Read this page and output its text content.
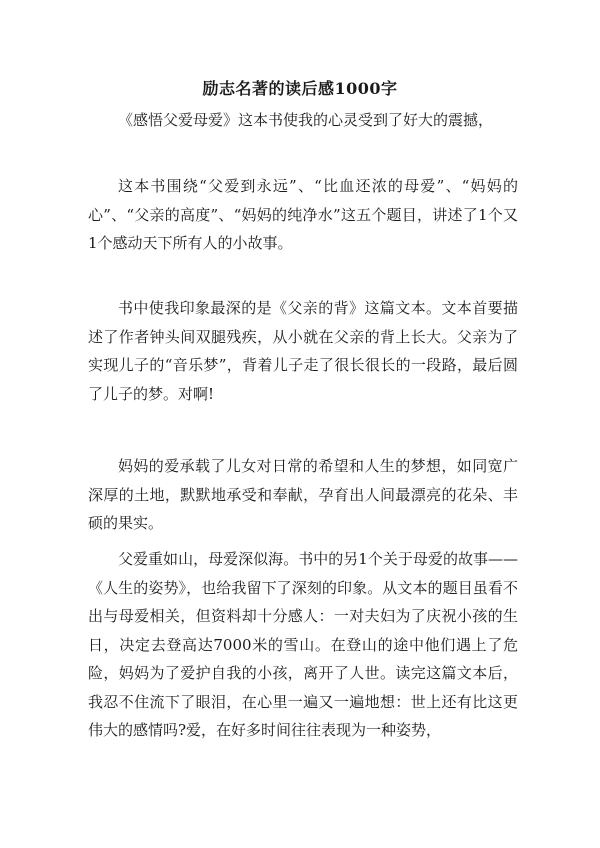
励志名著的读后感1000字

《感悟父爱母爱》这本书使我的心灵受到了好大的震撼，

这本书围绕“父爱到永远”、“比血还浓的母爱”、“妈妈的心”、“父亲的高度”、“妈妈的纯净水”这五个题目，讲述了1个又1个感动天下所有人的小故事。

书中使我印象最深的是《父亲的背》这篇文本。文本首要描述了作者钟头间双腿残疾，从小就在父亲的背上长大。父亲为了实现儿子的“音乐梦”，背着儿子走了很长很长的一段路，最后圆了儿子的梦。对啊!

妈妈的爱承载了儿女对日常的希望和人生的梦想，如同宽广深厚的土地，默默地承受和奉献，孕育出人间最漂亮的花朵、丰硕的果实。

父爱重如山，母爱深似海。书中的另1个关于母爱的故事——《人生的姿势》，也给我留下了深刻的印象。从文本的题目虽看不出与母爱相关，但资料却十分感人：一对夫妇为了庆祝小孩的生日，决定去登高达7000米的雪山。在登山的途中他们遇上了危险，妈妈为了爱护自我的小孩，离开了人世。读完这篇文本后，我忍不住流下了眼泪，在心里一遍又一遍地想：世上还有比这更伟大的感情吗?爱，在好多时间往往表现为一种姿势，
